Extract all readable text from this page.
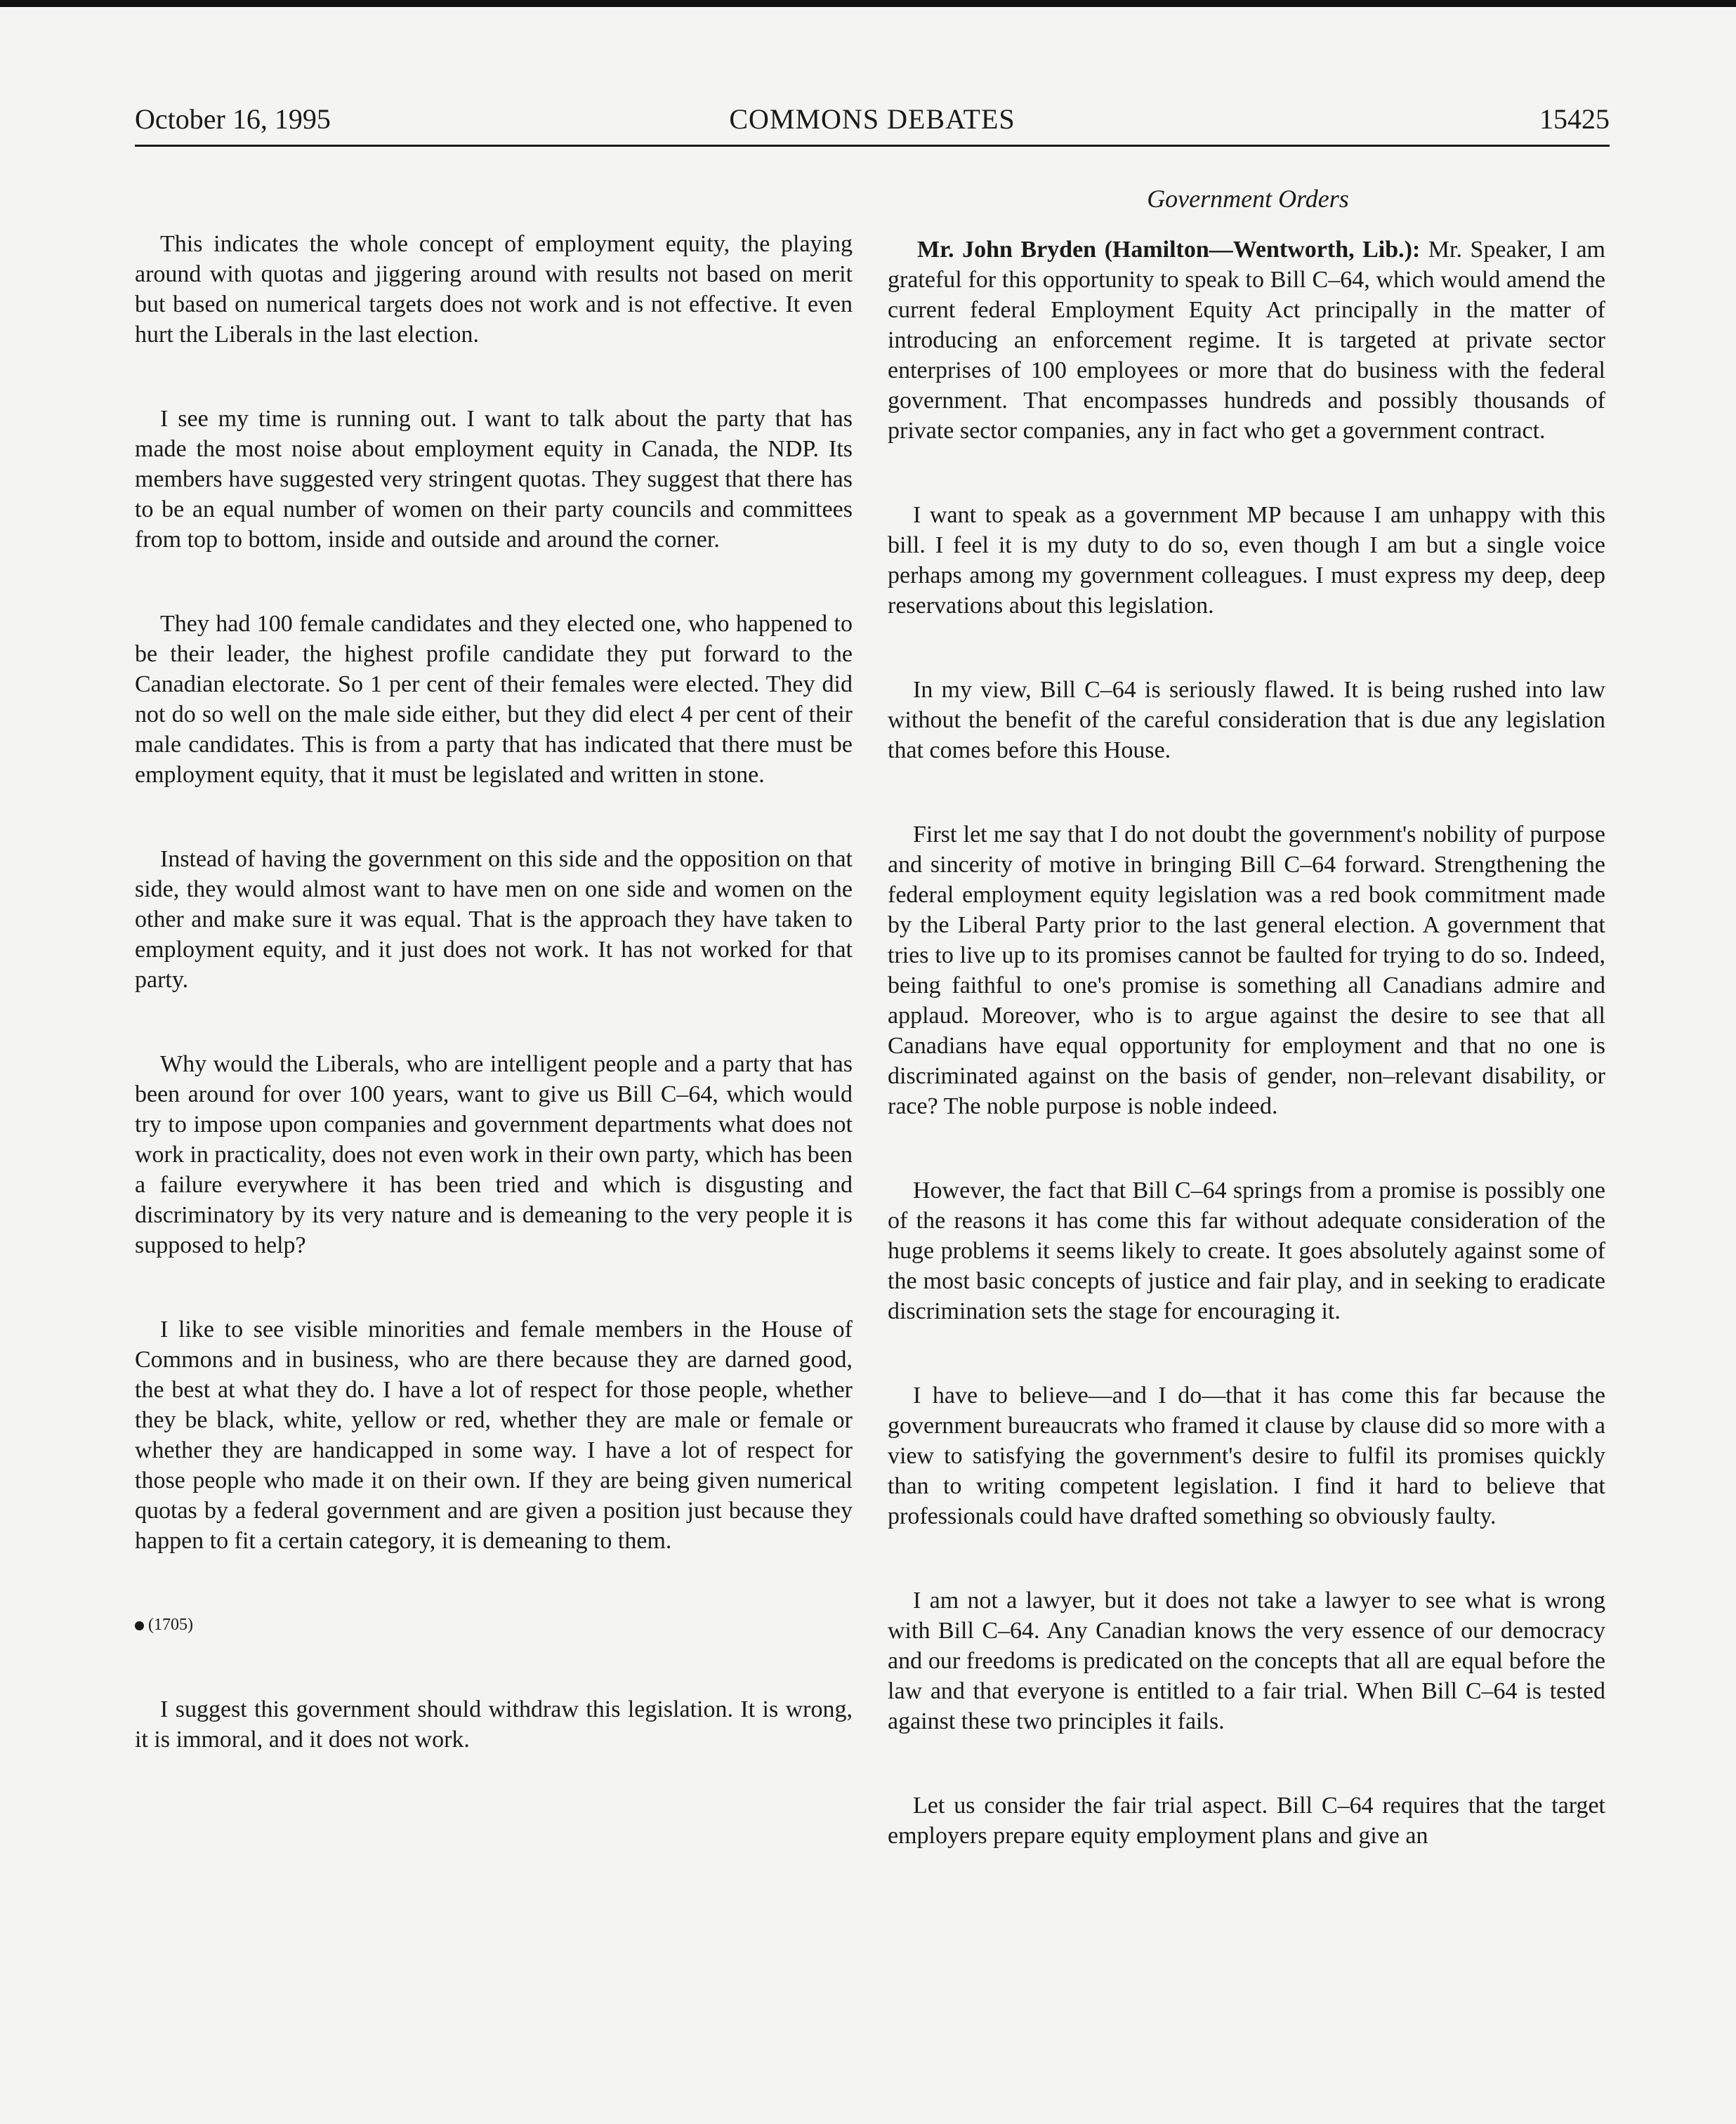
October 16, 1995	COMMONS DEBATES	15425
Government Orders

This indicates the whole concept of employment equity, the playing around with quotas and jiggering around with results not based on merit but based on numerical targets does not work and is not effective. It even hurt the Liberals in the last election.

I see my time is running out. I want to talk about the party that has made the most noise about employment equity in Canada, the NDP. Its members have suggested very stringent quotas. They suggest that there has to be an equal number of women on their party councils and committees from top to bottom, inside and outside and around the corner.

They had 100 female candidates and they elected one, who happened to be their leader, the highest profile candidate they put forward to the Canadian electorate. So 1 per cent of their females were elected. They did not do so well on the male side either, but they did elect 4 per cent of their male candidates. This is from a party that has indicated that there must be employment equity, that it must be legislated and written in stone.

Instead of having the government on this side and the opposition on that side, they would almost want to have men on one side and women on the other and make sure it was equal. That is the approach they have taken to employment equity, and it just does not work. It has not worked for that party.

Why would the Liberals, who are intelligent people and a party that has been around for over 100 years, want to give us Bill C–64, which would try to impose upon companies and government departments what does not work in practicality, does not even work in their own party, which has been a failure everywhere it has been tried and which is disgusting and discriminatory by its very nature and is demeaning to the very people it is supposed to help?

I like to see visible minorities and female members in the House of Commons and in business, who are there because they are darned good, the best at what they do. I have a lot of respect for those people, whether they be black, white, yellow or red, whether they are male or female or whether they are handicapped in some way. I have a lot of respect for those people who made it on their own. If they are being given numerical quotas by a federal government and are given a position just because they happen to fit a certain category, it is demeaning to them.

(1705)

I suggest this government should withdraw this legislation. It is wrong, it is immoral, and it does not work.

Mr. John Bryden (Hamilton—Wentworth, Lib.): Mr. Speaker, I am grateful for this opportunity to speak to Bill C–64, which would amend the current federal Employment Equity Act principally in the matter of introducing an enforcement regime. It is targeted at private sector enterprises of 100 employees or more that do business with the federal government. That encompasses hundreds and possibly thousands of private sector companies, any in fact who get a government contract.

I want to speak as a government MP because I am unhappy with this bill. I feel it is my duty to do so, even though I am but a single voice perhaps among my government colleagues. I must express my deep, deep reservations about this legislation.

In my view, Bill C–64 is seriously flawed. It is being rushed into law without the benefit of the careful consideration that is due any legislation that comes before this House.

First let me say that I do not doubt the government's nobility of purpose and sincerity of motive in bringing Bill C–64 forward. Strengthening the federal employment equity legislation was a red book commitment made by the Liberal Party prior to the last general election. A government that tries to live up to its promises cannot be faulted for trying to do so. Indeed, being faithful to one's promise is something all Canadians admire and applaud. Moreover, who is to argue against the desire to see that all Canadians have equal opportunity for employment and that no one is discriminated against on the basis of gender, non–relevant disability, or race? The noble purpose is noble indeed.

However, the fact that Bill C–64 springs from a promise is possibly one of the reasons it has come this far without adequate consideration of the huge problems it seems likely to create. It goes absolutely against some of the most basic concepts of justice and fair play, and in seeking to eradicate discrimination sets the stage for encouraging it.

I have to believe—and I do—that it has come this far because the government bureaucrats who framed it clause by clause did so more with a view to satisfying the government's desire to fulfil its promises quickly than to writing competent legislation. I find it hard to believe that professionals could have drafted something so obviously faulty.

I am not a lawyer, but it does not take a lawyer to see what is wrong with Bill C–64. Any Canadian knows the very essence of our democracy and our freedoms is predicated on the concepts that all are equal before the law and that everyone is entitled to a fair trial. When Bill C–64 is tested against these two principles it fails.

Let us consider the fair trial aspect. Bill C–64 requires that the target employers prepare equity employment plans and give an
